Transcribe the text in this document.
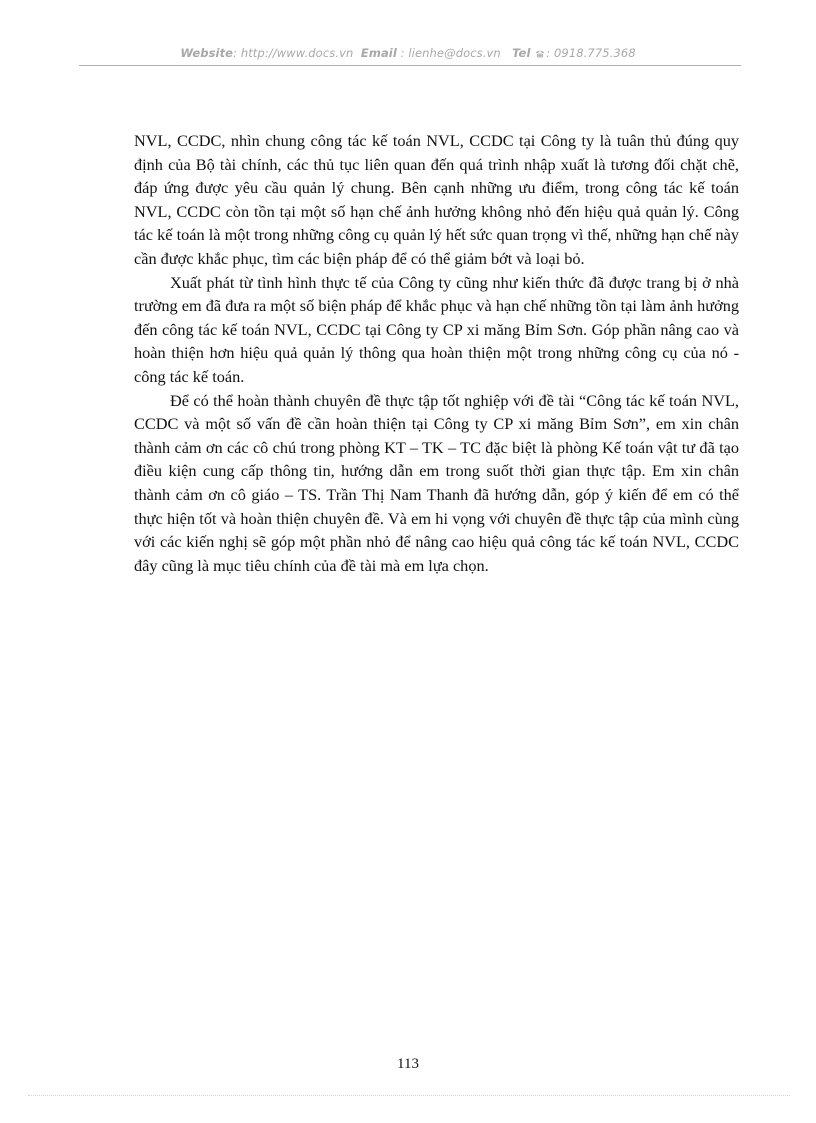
Website: http://www.docs.vn Email : lienhe@docs.vn Tel : 0918.775.368

NVL, CCDC, nhìn chung công tác kế toán NVL, CCDC tại Công ty là tuân thủ đúng quy định của Bộ tài chính, các thủ tục liên quan đến quá trình nhập xuất là tương đối chặt chẽ, đáp ứng được yêu cầu quản lý chung. Bên cạnh những ưu điểm, trong công tác kế toán NVL, CCDC còn tồn tại một số hạn chế ảnh hưởng không nhỏ đến hiệu quả quản lý. Công tác kế toán là một trong những công cụ quản lý hết sức quan trọng vì thế, những hạn chế này cần được khắc phục, tìm các biện pháp để có thể giảm bớt và loại bỏ.

Xuất phát từ tình hình thực tế của Công ty cũng như kiến thức đã được trang bị ở nhà trường em đã đưa ra một số biện pháp để khắc phục và hạn chế những tồn tại làm ảnh hưởng đến công tác kế toán NVL, CCDC tại Công ty CP xi măng Bỉm Sơn. Góp phần nâng cao và hoàn thiện hơn hiệu quả quản lý thông qua hoàn thiện một trong những công cụ của nó - công tác kế toán.

Để có thể hoàn thành chuyên đề thực tập tốt nghiệp với đề tài “Công tác kế toán NVL, CCDC và một số vấn đề cần hoàn thiện tại Công ty CP xi măng Bỉm Sơn”, em xin chân thành cảm ơn các cô chú trong phòng KT – TK – TC đặc biệt là phòng Kế toán vật tư đã tạo điều kiện cung cấp thông tin, hướng dẫn em trong suốt thời gian thực tập. Em xin chân thành cảm ơn cô giáo – TS. Trần Thị Nam Thanh đã hướng dẫn, góp ý kiến để em có thể thực hiện tốt và hoàn thiện chuyên đề. Và em hi vọng với chuyên đề thực tập của mình cùng với các kiến nghị sẽ góp một phần nhỏ để nâng cao hiệu quả công tác kế toán NVL, CCDC đây cũng là mục tiêu chính của đề tài mà em lựa chọn.

113
